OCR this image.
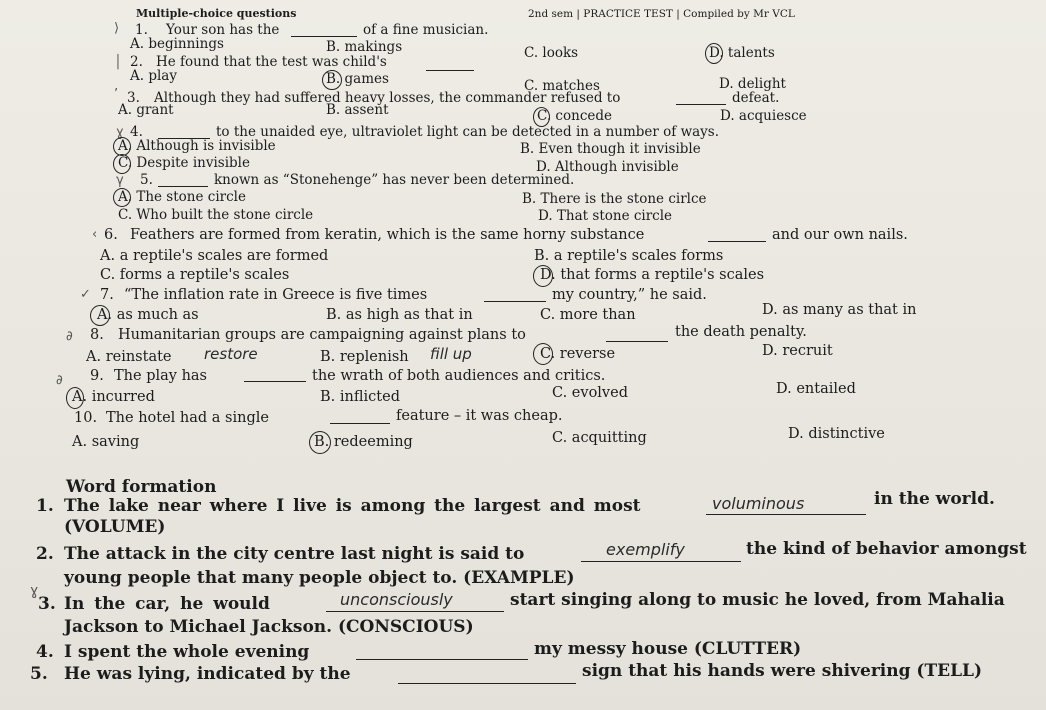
Multiple-choice questions	2nd sem | PRACTICE TEST | Compiled by Mr VCL
⟩ 1. Your son has the	of a fine musician.
A. beginnings	B. makings	C. looks	D. talents
│ 2. He found that the test was child's
A. play	B. games	C. matches	D. delight
’ 3. Although they had suffered heavy losses, the commander refused to	defeat.
A. grant	B. assent	C. concede	D. acquiesce
ɣ 4.	to the unaided eye, ultraviolet light can be detected in a number of ways.
A. Although is invisible	B. Even though it invisible
C. Despite invisible	D. Although invisible
γ 5.	known as “Stonehenge” has never been determined.
A. The stone circle	B. There is the stone cirlce
C. Who built the stone circle	D. That stone circle
‹ 6. Feathers are formed from keratin, which is the same horny substance	and our own nails.
A. a reptile's scales are formed	B. a reptile's scales forms
C. forms a reptile's scales	D. that forms a reptile's scales
✓ 7. “The inflation rate in Greece is five times	my country,” he said.
A. as much as	B. as high as that in	C. more than	D. as many as that in
∂ 8. Humanitarian groups are campaigning against plans to	the death penalty.
A. reinstate restore	B. replenish fill up	C. reverse	D. recruit
∂ 9. The play has	the wrath of both audiences and critics.
A. incurred	B. inflicted	C. evolved	D. entailed
10. The hotel had a single	feature – it was cheap.
A. saving	B. redeeming	C. acquitting	D. distinctive
Word formation
1. The lake near where I live is among the largest and most	voluminous	in the world.
(VOLUME)
2. The attack in the city centre last night is said to	exemplify	the kind of behavior amongst
young people that many people object to. (EXAMPLE)
ɣ
3. In the car, he would	unconsciously	start singing along to music he loved, from Mahalia
Jackson to Michael Jackson. (CONSCIOUS)
4. I spent the whole evening	my messy house (CLUTTER)
5. He was lying, indicated by the	sign that his hands were shivering (TELL)
